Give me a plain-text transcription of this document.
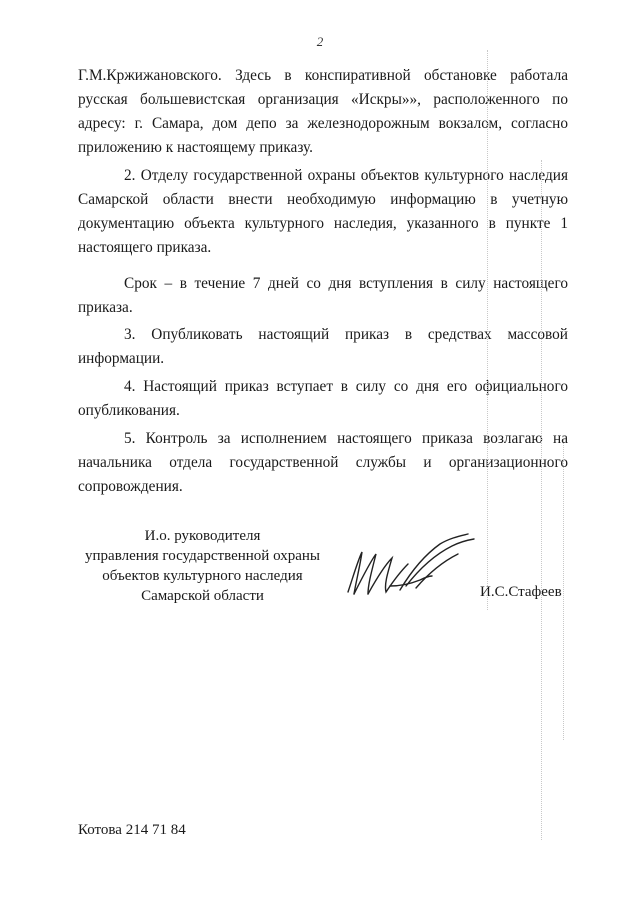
2

Г.М.Кржижановского. Здесь в конспиративной обстановке работала русская большевистская организация «Искры»», расположенного по адресу: г. Самара, дом депо за железнодорожным вокзалом, согласно приложению к настоящему приказу.

2. Отделу государственной охраны объектов культурного наследия Самарской области внести необходимую информацию в учетную документацию объекта культурного наследия, указанного в пункте 1 настоящего приказа.

Срок – в течение 7 дней со дня вступления в силу настоящего приказа.

3. Опубликовать настоящий приказ в средствах массовой информации.

4. Настоящий приказ вступает в силу со дня его официального опубликования.

5. Контроль за исполнением настоящего приказа возлагаю на начальника отдела государственной службы и организационного сопровождения.

И.о. руководителя
управления государственной охраны
объектов культурного наследия
Самарской области	И.С.Стафеев
Котова 214 71 84
